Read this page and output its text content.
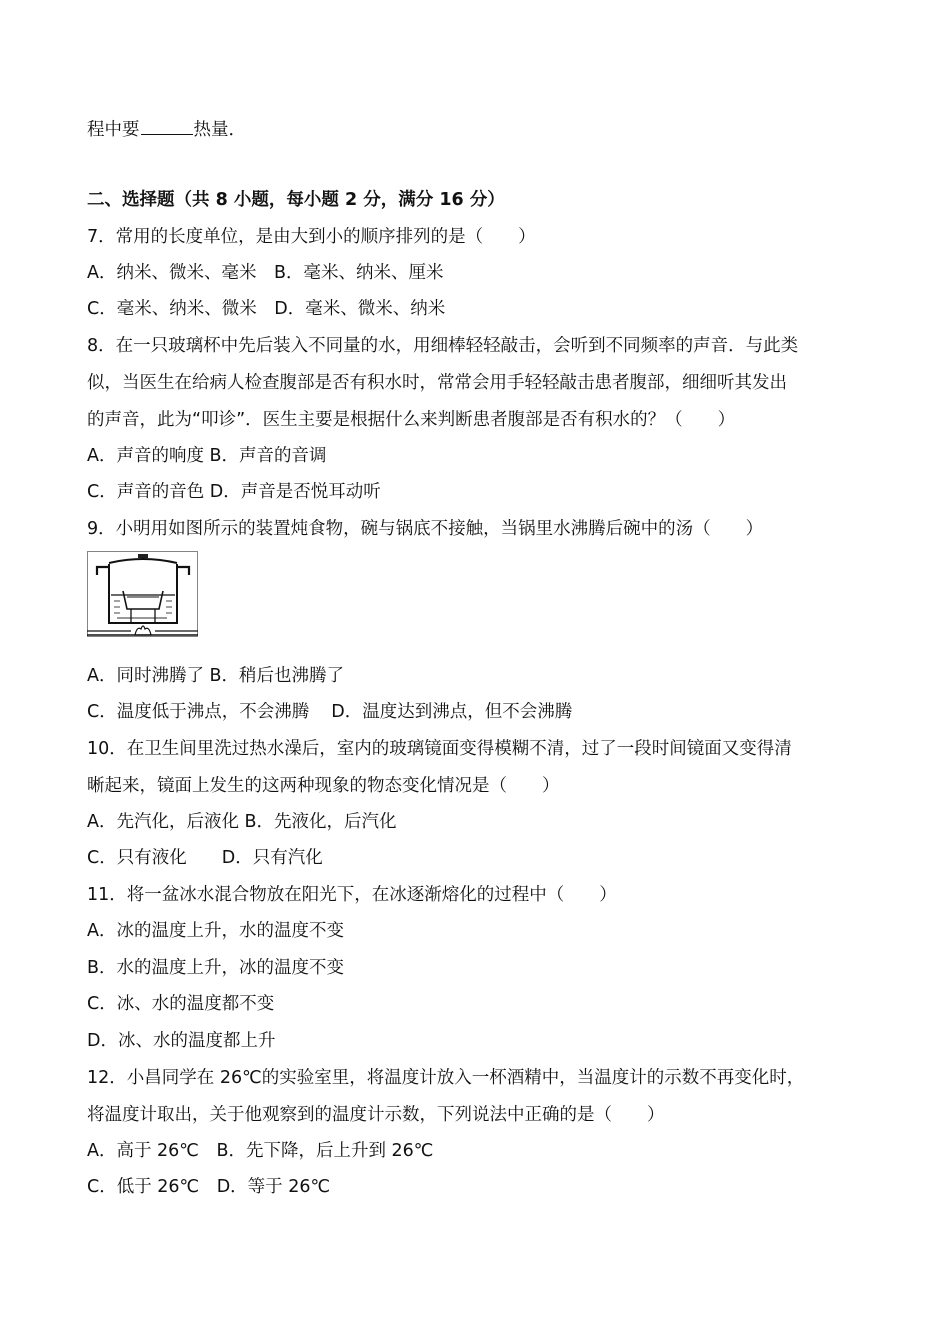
程中要	热量．
二、选择题（共 8 小题，每小题 2 分，满分 16 分）
7．常用的长度单位，是由大到小的顺序排列的是（　　）
A．纳米、微米、毫米　B．毫米、纳米、厘米
C．毫米、纳米、微米　D．毫米、微米、纳米
8．在一只玻璃杯中先后装入不同量的水，用细棒轻轻敲击，会听到不同频率的声音．与此类
似，当医生在给病人检查腹部是否有积水时，常常会用手轻轻敲击患者腹部，细细听其发出
的声音，此为“叩诊”．医生主要是根据什么来判断患者腹部是否有积水的？（　　）
A．声音的响度 B．声音的音调
C．声音的音色 D．声音是否悦耳动听
9．小明用如图所示的装置炖食物，碗与锅底不接触，当锅里水沸腾后碗中的汤（　　）
A．同时沸腾了 B．稍后也沸腾了
C．温度低于沸点，不会沸腾 D．温度达到沸点，但不会沸腾
10．在卫生间里洗过热水澡后，室内的玻璃镜面变得模糊不清，过了一段时间镜面又变得清
晰起来，镜面上发生的这两种现象的物态变化情况是（　　）
A．先汽化，后液化 B．先液化，后汽化
C．只有液化　　D．只有汽化
11．将一盆冰水混合物放在阳光下，在冰逐渐熔化的过程中（　　）
A．冰的温度上升，水的温度不变
B．水的温度上升，冰的温度不变
C．冰、水的温度都不变
D．冰、水的温度都上升
12．小昌同学在 26℃的实验室里，将温度计放入一杯酒精中，当温度计的示数不再变化时，
将温度计取出，关于他观察到的温度计示数，下列说法中正确的是（　　）
A．高于 26℃　B．先下降，后上升到 26℃
C．低于 26℃　D．等于 26℃
